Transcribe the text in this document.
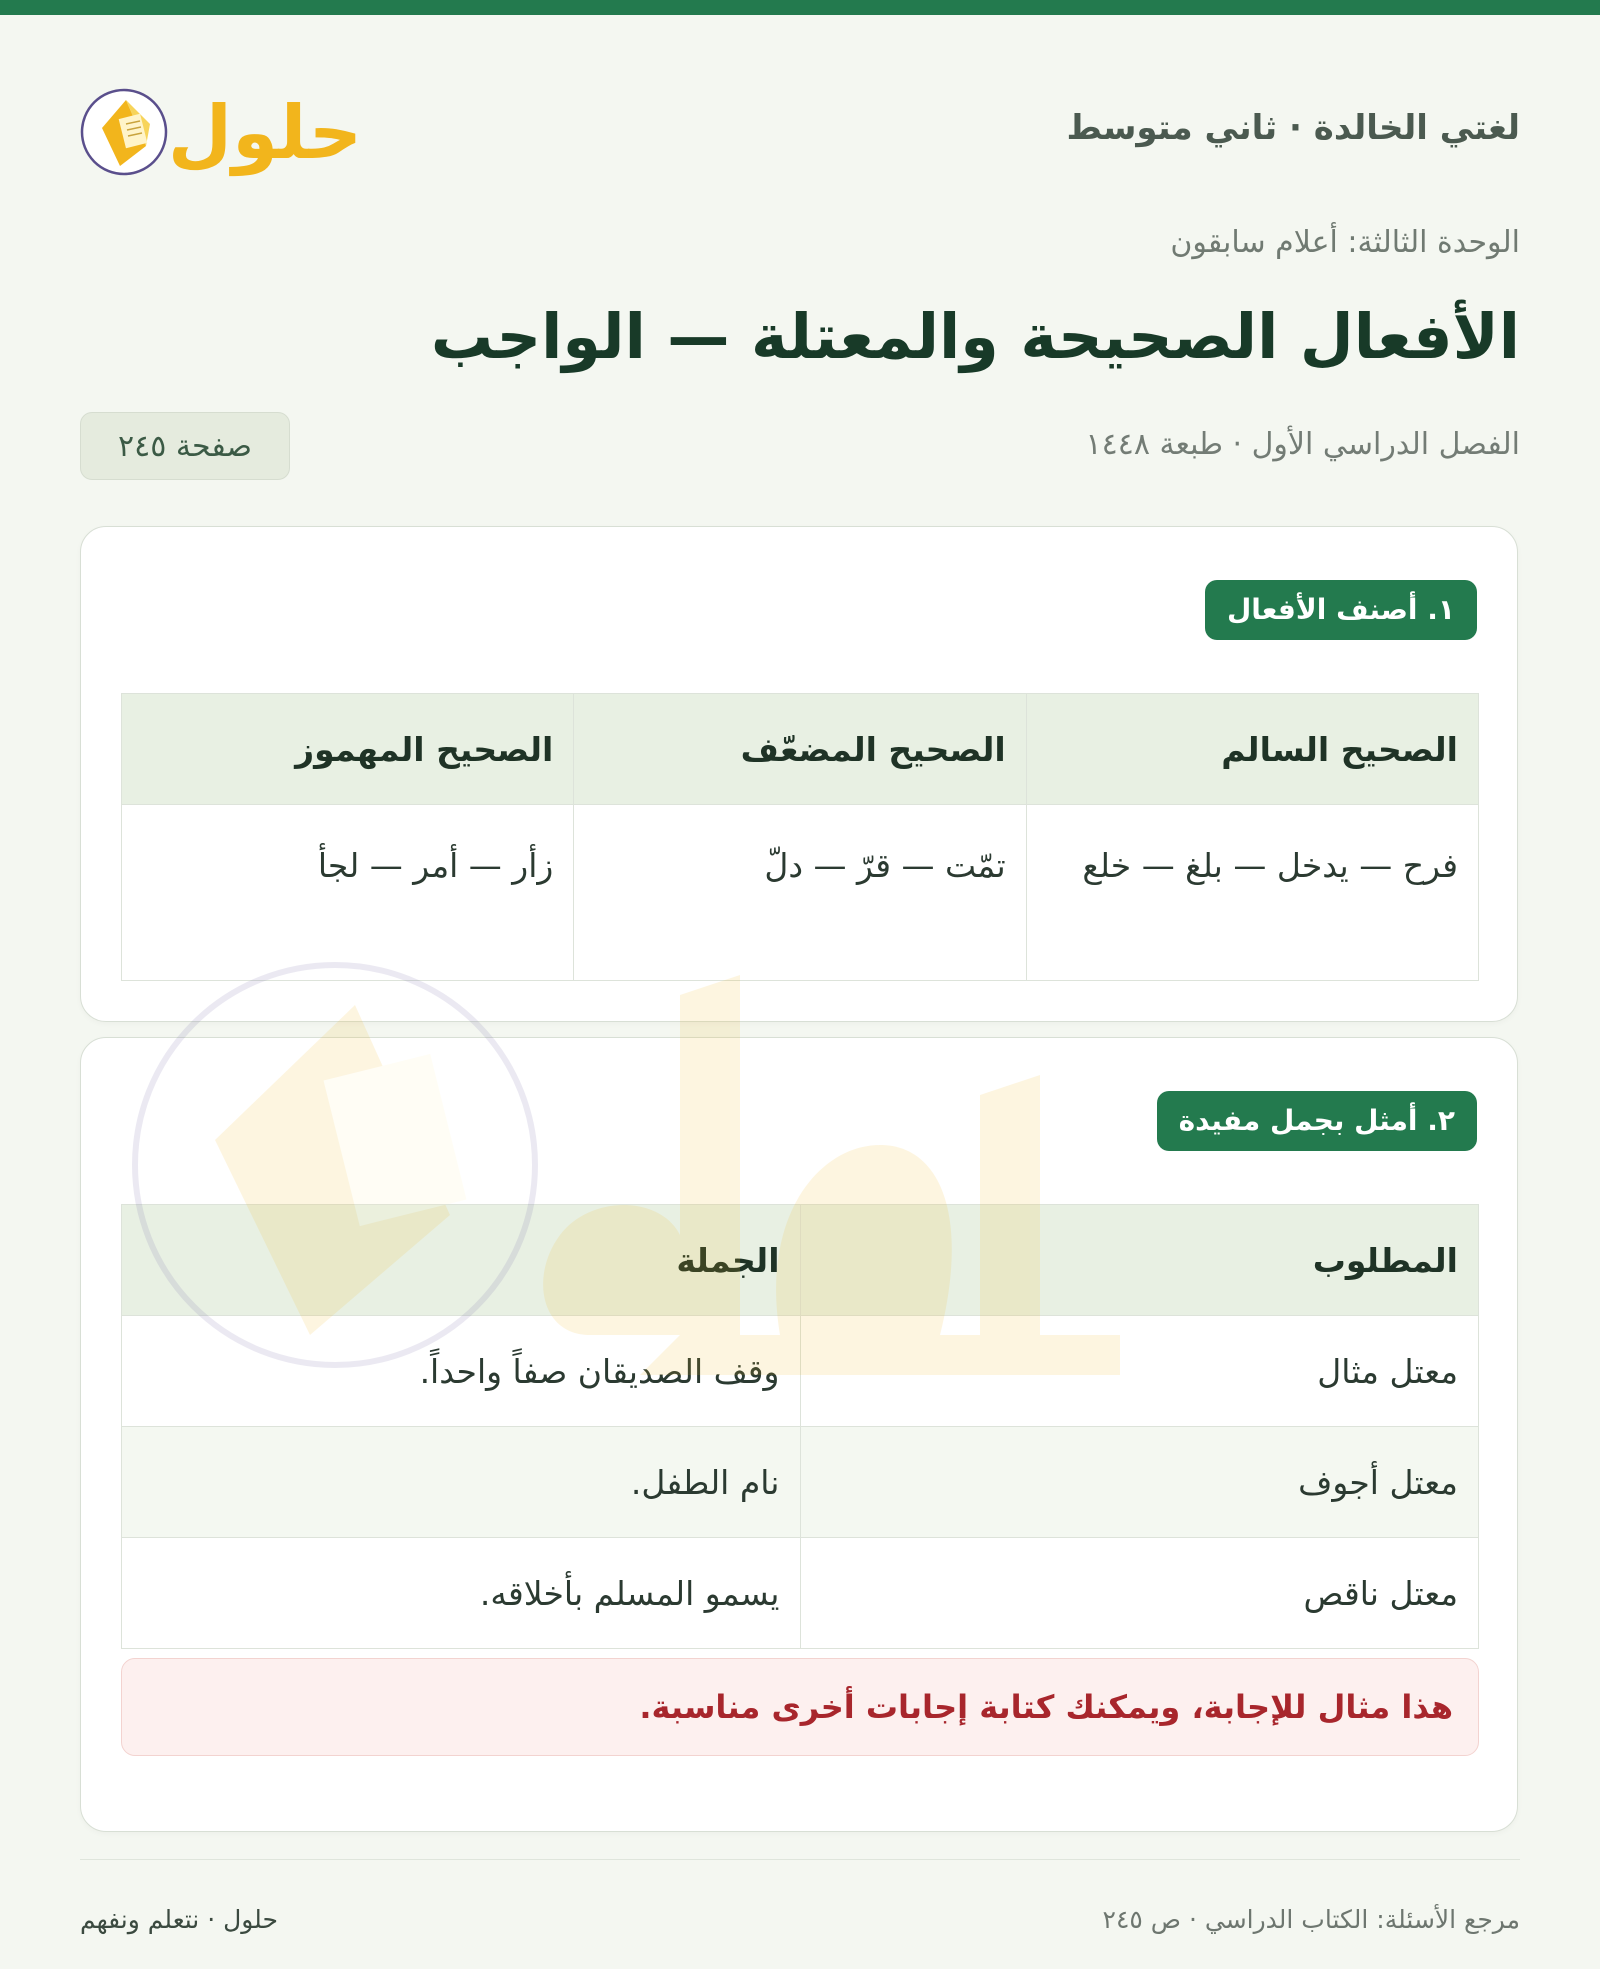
لغتي الخالدة · ثاني متوسط
حلول
الوحدة الثالثة: أعلام سابقون
الأفعال الصحيحة والمعتلة — الواجب
الفصل الدراسي الأول · طبعة ١٤٤٨
صفحة ٢٤٥
١. أصنف الأفعال
الصحيح السالم	الصحيح المضعّف	الصحيح المهموز
فرح — يدخل — بلغ — خلع	تمّت — قرّ — دلّ	زأر — أمر — لجأ
٢. أمثل بجمل مفيدة
المطلوب	الجملة
معتل مثال	وقف الصديقان صفاً واحداً.
معتل أجوف	نام الطفل.
معتل ناقص	يسمو المسلم بأخلاقه.
هذا مثال للإجابة، ويمكنك كتابة إجابات أخرى مناسبة.
مرجع الأسئلة: الكتاب الدراسي · ص ٢٤٥
حلول · نتعلم ونفهم
